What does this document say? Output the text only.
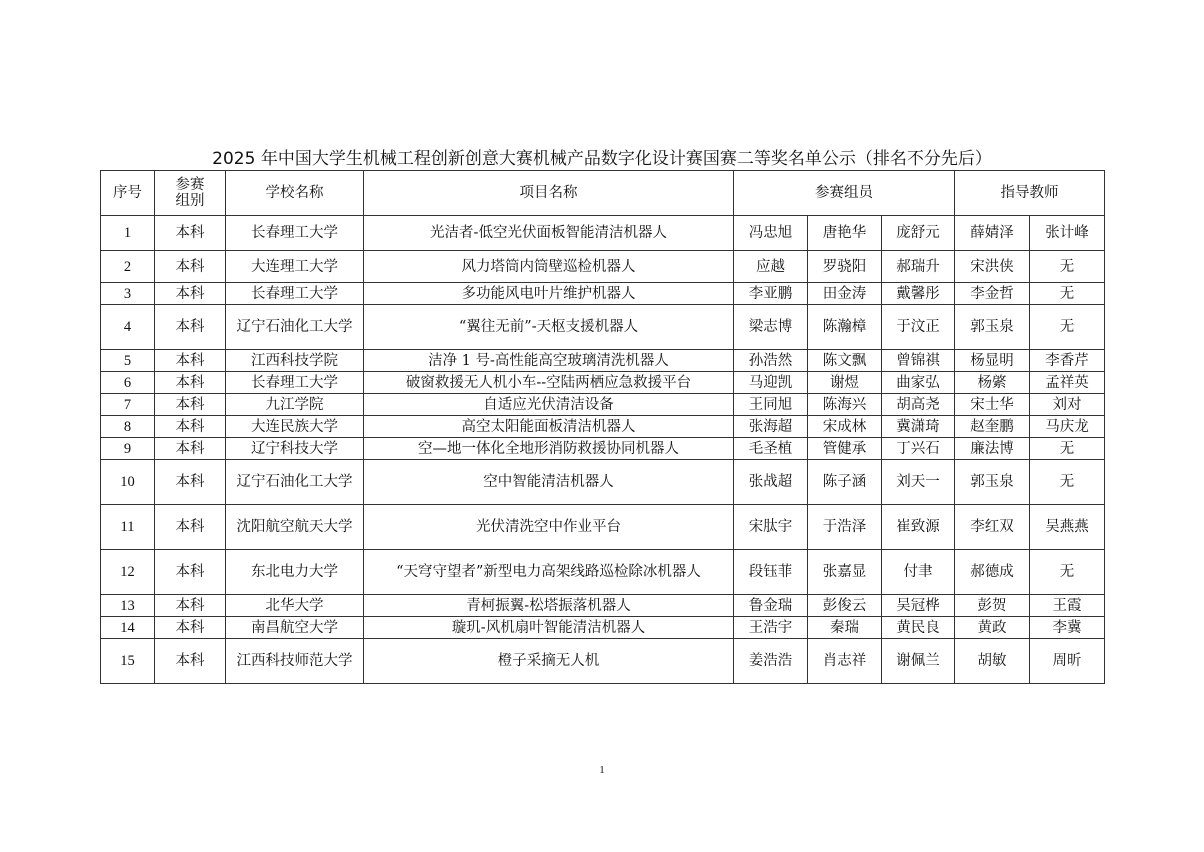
2025 年中国大学生机械工程创新创意大赛机械产品数字化设计赛国赛二等奖名单公示（排名不分先后）
序号	参赛组别	学校名称	项目名称	参赛组员			指导教师	
1	本科	长春理工大学	光洁者-低空光伏面板智能清洁机器人	冯忠旭	唐艳华	庞舒元	薛婧泽	张计峰
2	本科	大连理工大学	风力塔筒内筒壁巡检机器人	应越	罗骁阳	郝瑞升	宋洪侠	无
3	本科	长春理工大学	多功能风电叶片维护机器人	李亚鹏	田金涛	戴馨彤	李金哲	无
4	本科	辽宁石油化工大学	“翼往无前”-天枢支援机器人	梁志博	陈瀚樟	于汶正	郭玉泉	无
5	本科	江西科技学院	洁净 1 号-高性能高空玻璃清洗机器人	孙浩然	陈文飘	曾锦祺	杨显明	李香芹
6	本科	长春理工大学	破窗救援无人机小车--空陆两栖应急救援平台	马迎凯	谢煜	曲家弘	杨綮	孟祥英
7	本科	九江学院	自适应光伏清洁设备	王同旭	陈海兴	胡高尧	宋士华	刘对
8	本科	大连民族大学	高空太阳能面板清洁机器人	张海超	宋成林	冀潇琦	赵奎鹏	马庆龙
9	本科	辽宁科技大学	空—地一体化全地形消防救援协同机器人	毛圣植	管健承	丁兴石	廉法博	无
10	本科	辽宁石油化工大学	空中智能清洁机器人	张战超	陈子涵	刘天一	郭玉泉	无
11	本科	沈阳航空航天大学	光伏清洗空中作业平台	宋肽宇	于浩泽	崔致源	李红双	吴燕燕
12	本科	东北电力大学	“天穹守望者”新型电力高架线路巡检除冰机器人	段钰菲	张嘉显	付聿	郝德成	无
13	本科	北华大学	青柯振翼-松塔振落机器人	鲁金瑞	彭俊云	吴冠桦	彭贺	王霞
14	本科	南昌航空大学	璇玑-风机扇叶智能清洁机器人	王浩宇	秦瑞	黄民良	黄政	李冀
15	本科	江西科技师范大学	橙子采摘无人机	姜浩浩	肖志祥	谢佩兰	胡敏	周昕
1
